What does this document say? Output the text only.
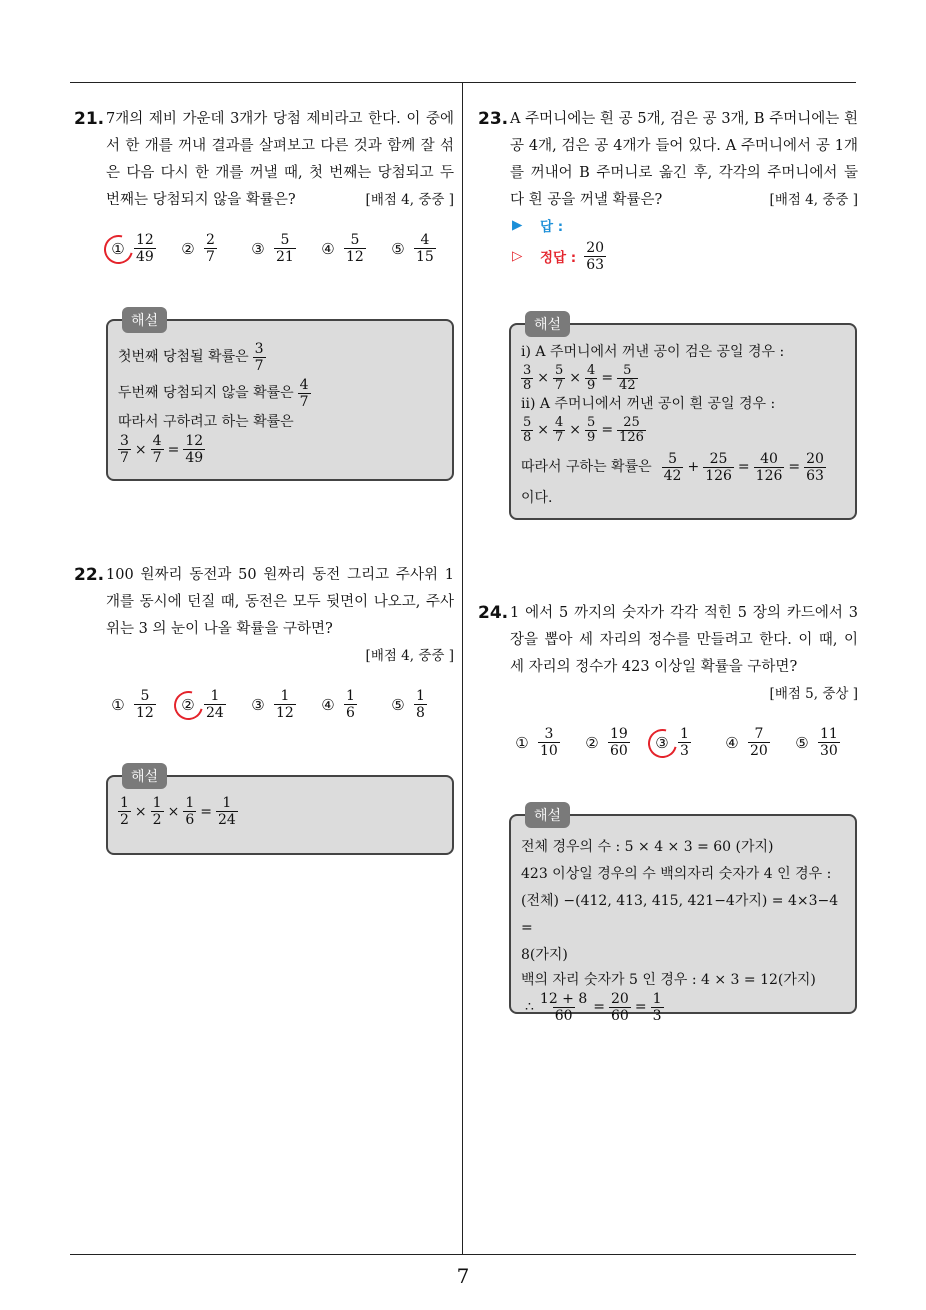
7
21. 7개의 제비 가운데 3개가 당첨 제비라고 한다. 이 중에서 한 개를 꺼내 결과를 살펴보고 다른 것과 함께 잘 섞은 다음 다시 한 개를 꺼낼 때, 첫 번째는 당첨되고 두 번째는 당첨되지 않을 확률은?	[배점 4, 중중 ]
① $\frac{12}{49}$ ② $\frac{2}{7}$ ③ $\frac{5}{21}$ ④ $\frac{5}{12}$ ⑤ $\frac{4}{15}$
해설
첫번째 당첨될 확률은 $\frac{3}{7}$
두번째 당첨되지 않을 확률은 $\frac{4}{7}$
따라서 구하려고 하는 확률은
$\frac{3}{7} \times \frac{4}{7} = \frac{12}{49}$
22. 100 원짜리 동전과 50 원짜리 동전 그리고 주사위 1 개를 동시에 던질 때, 동전은 모두 뒷면이 나오고, 주사위는 3 의 눈이 나올 확률을 구하면?
[배점 4, 중중 ]
① $\frac{5}{12}$ ② $\frac{1}{24}$ ③ $\frac{1}{12}$ ④ $\frac{1}{6}$ ⑤ $\frac{1}{8}$
해설
$\frac{1}{2} \times \frac{1}{2} \times \frac{1}{6} = \frac{1}{24}$
23. A 주머니에는 흰 공 5개, 검은 공 3개, B 주머니에는 흰 공 4개, 검은 공 4개가 들어 있다. A 주머니에서 공 1개를 꺼내어 B 주머니로 옮긴 후, 각각의 주머니에서 둘 다 흰 공을 꺼낼 확률은?	[배점 4, 중중 ]
▶	답 :
▷	정답 : $\frac{20}{63}$
해설
ⅰ) A 주머니에서 꺼낸 공이 검은 공일 경우 :
$\frac{3}{8} \times \frac{5}{7} \times \frac{4}{9} = \frac{5}{42}$
ⅱ) A 주머니에서 꺼낸 공이 흰 공일 경우 :
$\frac{5}{8} \times \frac{4}{7} \times \frac{5}{9} = \frac{25}{126}$
따라서 구하는 확률은 $\frac{5}{42} + \frac{25}{126} = \frac{40}{126} = \frac{20}{63}$
이다.
24. 1 에서 5 까지의 숫자가 각각 적힌 5 장의 카드에서 3 장을 뽑아 세 자리의 정수를 만들려고 한다. 이 때, 이 세 자리의 정수가 423 이상일 확률을 구하면?
[배점 5, 중상 ]
① $\frac{3}{10}$ ② $\frac{19}{60}$ ③ $\frac{1}{3}$ ④ $\frac{7}{20}$ ⑤ $\frac{11}{30}$
해설
전체 경우의 수 : 5 × 4 × 3 = 60 (가지)
423 이상일 경우의 수 백의자리 숫자가 4 인 경우 :
(전체) −(412, 413, 415, 421−4가지) = 4×3−4 =
8(가지)
백의 자리 숫자가 5 인 경우 : 4 × 3 = 12(가지)
∴ $\frac{12 + 8}{60} = \frac{20}{60} = \frac{1}{3}$
